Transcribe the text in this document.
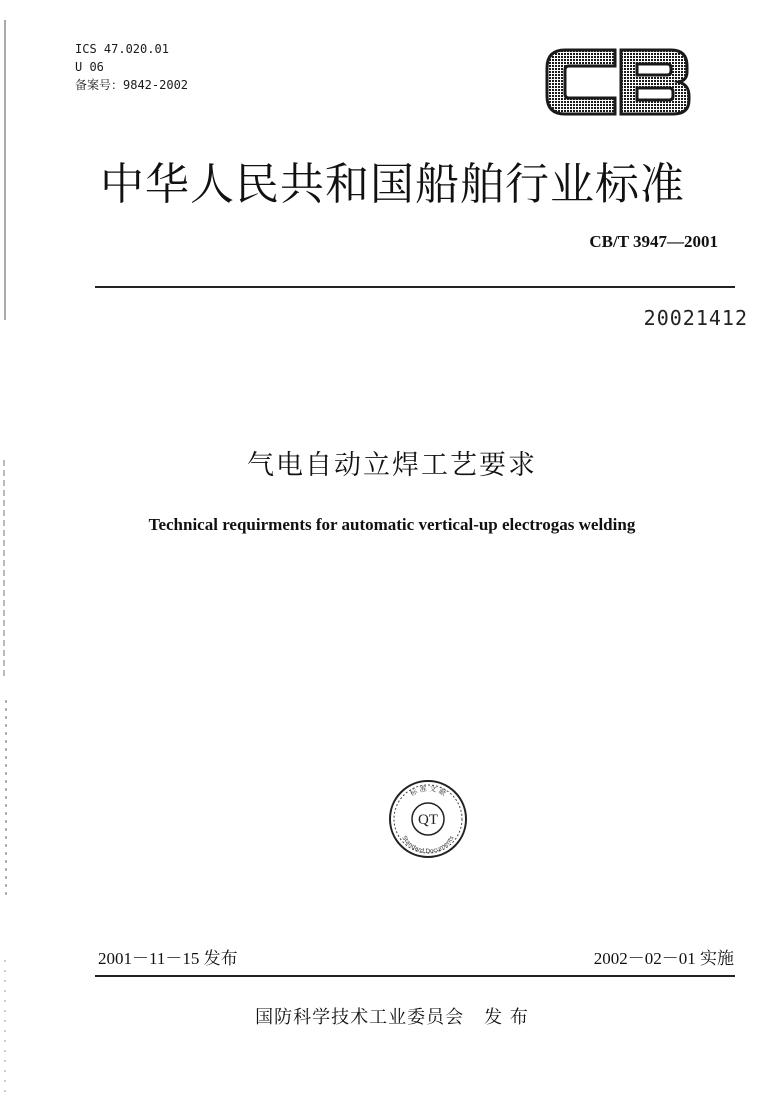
ICS 47.020.01
U 06
备案号：9842-2002
中华人民共和国船舶行业标准
CB/T 3947—2001
20021412
气电自动立焊工艺要求
Technical requirments for automatic vertical-up electrogas welding
QT
标 准 文 献
Standard Documents
2001－11－15 发布	2002－02－01 实施
国防科学技术工业委员会 发 布
